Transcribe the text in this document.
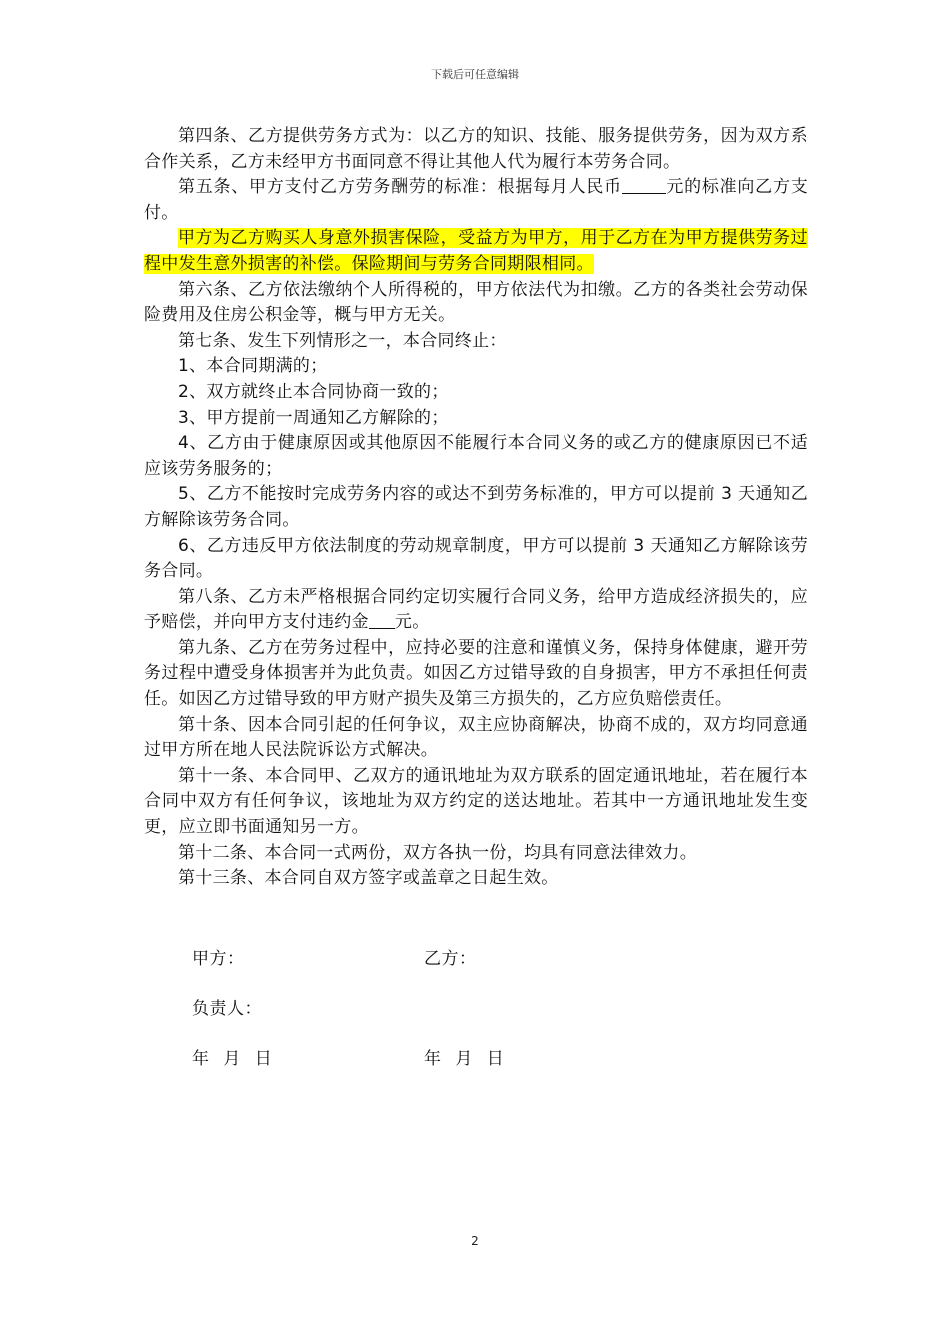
下载后可任意编辑

第四条、乙方提供劳务方式为：以乙方的知识、技能、服务提供劳务，因为双方系合作关系，乙方未经甲方书面同意不得让其他人代为履行本劳务合同。

第五条、甲方支付乙方劳务酬劳的标准：根据每月人民币	元的标准向乙方支付。

甲方为乙方购买人身意外损害保险，受益方为甲方，用于乙方在为甲方提供劳务过程中发生意外损害的补偿。保险期间与劳务合同期限相同。

第六条、乙方依法缴纳个人所得税的，甲方依法代为扣缴。乙方的各类社会劳动保险费用及住房公积金等，概与甲方无关。

第七条、发生下列情形之一，本合同终止：

1、本合同期满的；

2、双方就终止本合同协商一致的；

3、甲方提前一周通知乙方解除的；

4、乙方由于健康原因或其他原因不能履行本合同义务的或乙方的健康原因已不适应该劳务服务的；

5、乙方不能按时完成劳务内容的或达不到劳务标准的，甲方可以提前 3 天通知乙方解除该劳务合同。

6、乙方违反甲方依法制度的劳动规章制度，甲方可以提前 3 天通知乙方解除该劳务合同。

第八条、乙方未严格根据合同约定切实履行合同义务，给甲方造成经济损失的，应予赔偿，并向甲方支付违约金 元。

第九条、乙方在劳务过程中，应持必要的注意和谨慎义务，保持身体健康，避开劳务过程中遭受身体损害并为此负责。如因乙方过错导致的自身损害，甲方不承担任何责任。如因乙方过错导致的甲方财产损失及第三方损失的，乙方应负赔偿责任。

第十条、因本合同引起的任何争议，双主应协商解决，协商不成的，双方均同意通过甲方所在地人民法院诉讼方式解决。

第十一条、本合同甲、乙双方的通讯地址为双方联系的固定通讯地址，若在履行本合同中双方有任何争议，该地址为双方约定的送达地址。若其中一方通讯地址发生变更，应立即书面通知另一方。

第十二条、本合同一式两份，双方各执一份，均具有同意法律效力。

第十三条、本合同自双方签字或盖章之日起生效。

甲方：	乙方：
负责人：
年 月 日	年 月 日
2
